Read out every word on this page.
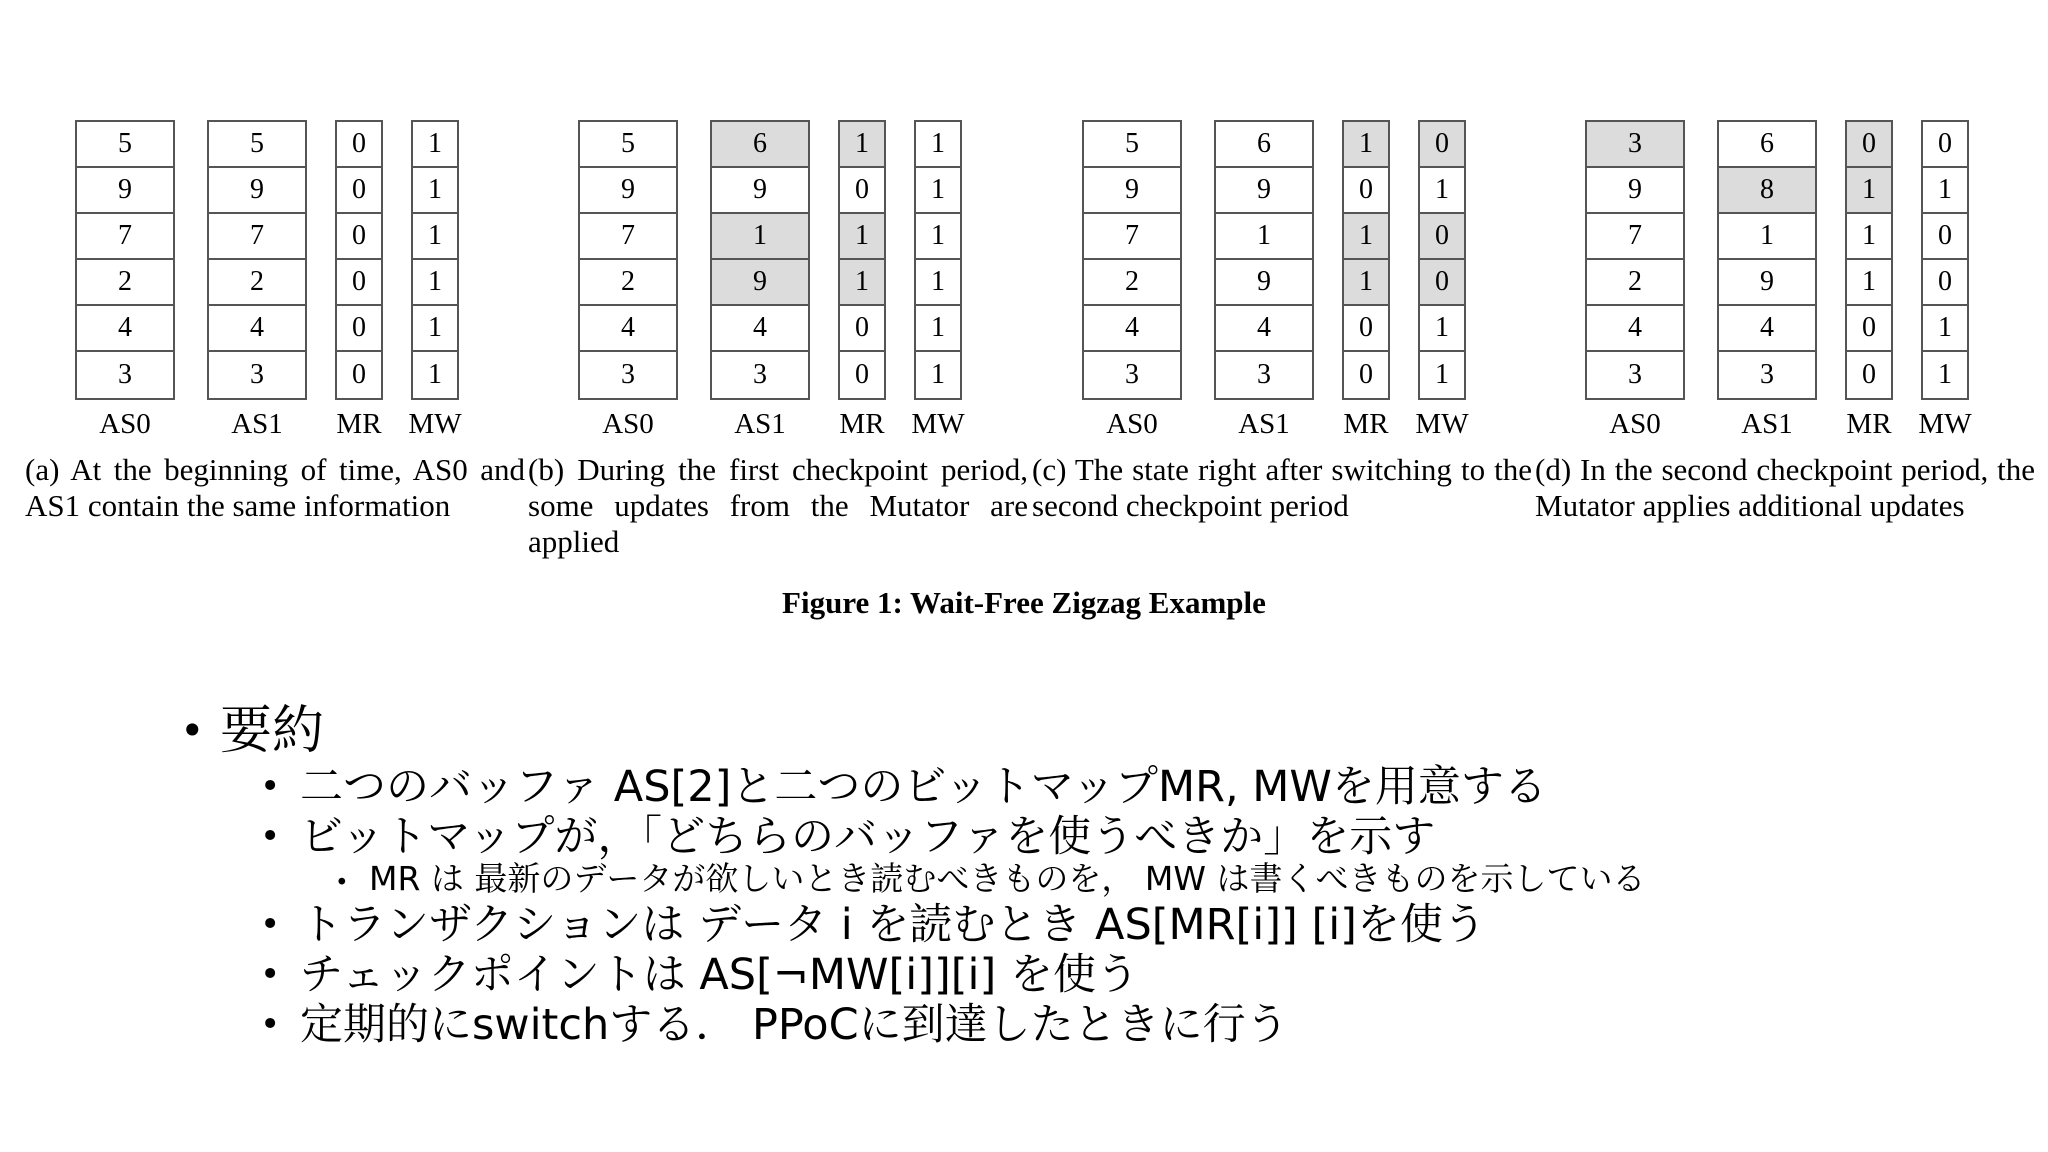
5
9
7
2
4
3
AS0
5
9
7
2
4
3
AS1
0
0
0
0
0
0
MR
1
1
1
1
1
1
MW
(a) At the beginning of time, AS0 and AS1 contain the same information
5
9
7
2
4
3
AS0
6
9
1
9
4
3
AS1
1
0
1
1
0
0
MR
1
1
1
1
1
1
MW
(b) During the first checkpoint period, some updates from the Mutator are applied
5
9
7
2
4
3
AS0
6
9
1
9
4
3
AS1
1
0
1
1
0
0
MR
0
1
0
0
1
1
MW
(c) The state right after switching to the second checkpoint period
3
9
7
2
4
3
AS0
6
8
1
9
4
3
AS1
0
1
1
1
0
0
MR
0
1
0
0
1
1
MW
(d) In the second checkpoint period, the Mutator applies additional updates
Figure 1: Wait-Free Zigzag Example
• 要約
• 二つのバッファ AS[2]と二つのビットマップMR, MWを用意する
• ビットマップが，「どちらのバッファを使うべきか」を示す
• MR は 最新のデータが欲しいとき読むべきものを， MW は書くべきものを示している
• トランザクションは データ i を読むとき AS[MR[i]] [i]を使う
• チェックポイントは AS[¬MW[i]][i] を使う
• 定期的にswitchする． PPoCに到達したときに行う
